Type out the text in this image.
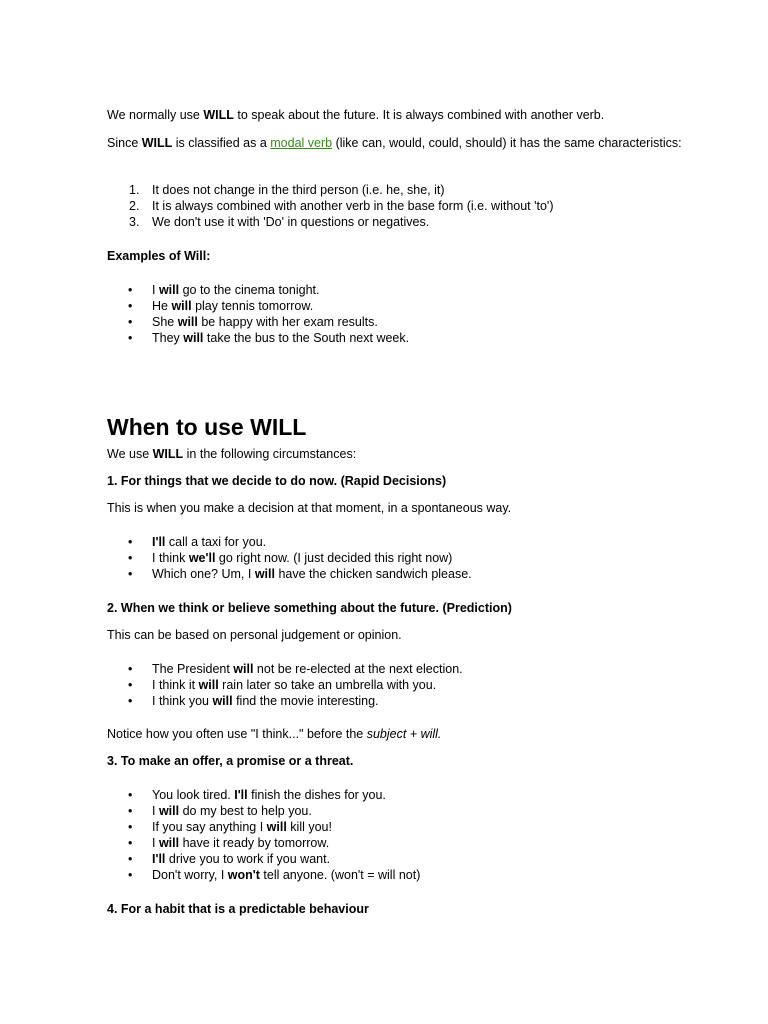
We normally use WILL to speak about the future. It is always combined with another verb.

Since WILL is classified as a modal verb (like can, would, could, should) it has the same characteristics:

1. It does not change in the third person (i.e. he, she, it)
2. It is always combined with another verb in the base form (i.e. without 'to')
3. We don't use it with 'Do' in questions or negatives.

Examples of Will:

• I will go to the cinema tonight.
• He will play tennis tomorrow.
• She will be happy with her exam results.
• They will take the bus to the South next week.
When to use WILL

We use WILL in the following circumstances:

1. For things that we decide to do now. (Rapid Decisions)

This is when you make a decision at that moment, in a spontaneous way.

• I'll call a taxi for you.
• I think we'll go right now. (I just decided this right now)
• Which one? Um, I will have the chicken sandwich please.

2. When we think or believe something about the future. (Prediction)

This can be based on personal judgement or opinion.

• The President will not be re-elected at the next election.
• I think it will rain later so take an umbrella with you.
• I think you will find the movie interesting.

Notice how you often use "I think..." before the subject + will.

3. To make an offer, a promise or a threat.

• You look tired. I'll finish the dishes for you.
• I will do my best to help you.
• If you say anything I will kill you!
• I will have it ready by tomorrow.
• I'll drive you to work if you want.
• Don't worry, I won't tell anyone. (won't = will not)

4. For a habit that is a predictable behaviour
